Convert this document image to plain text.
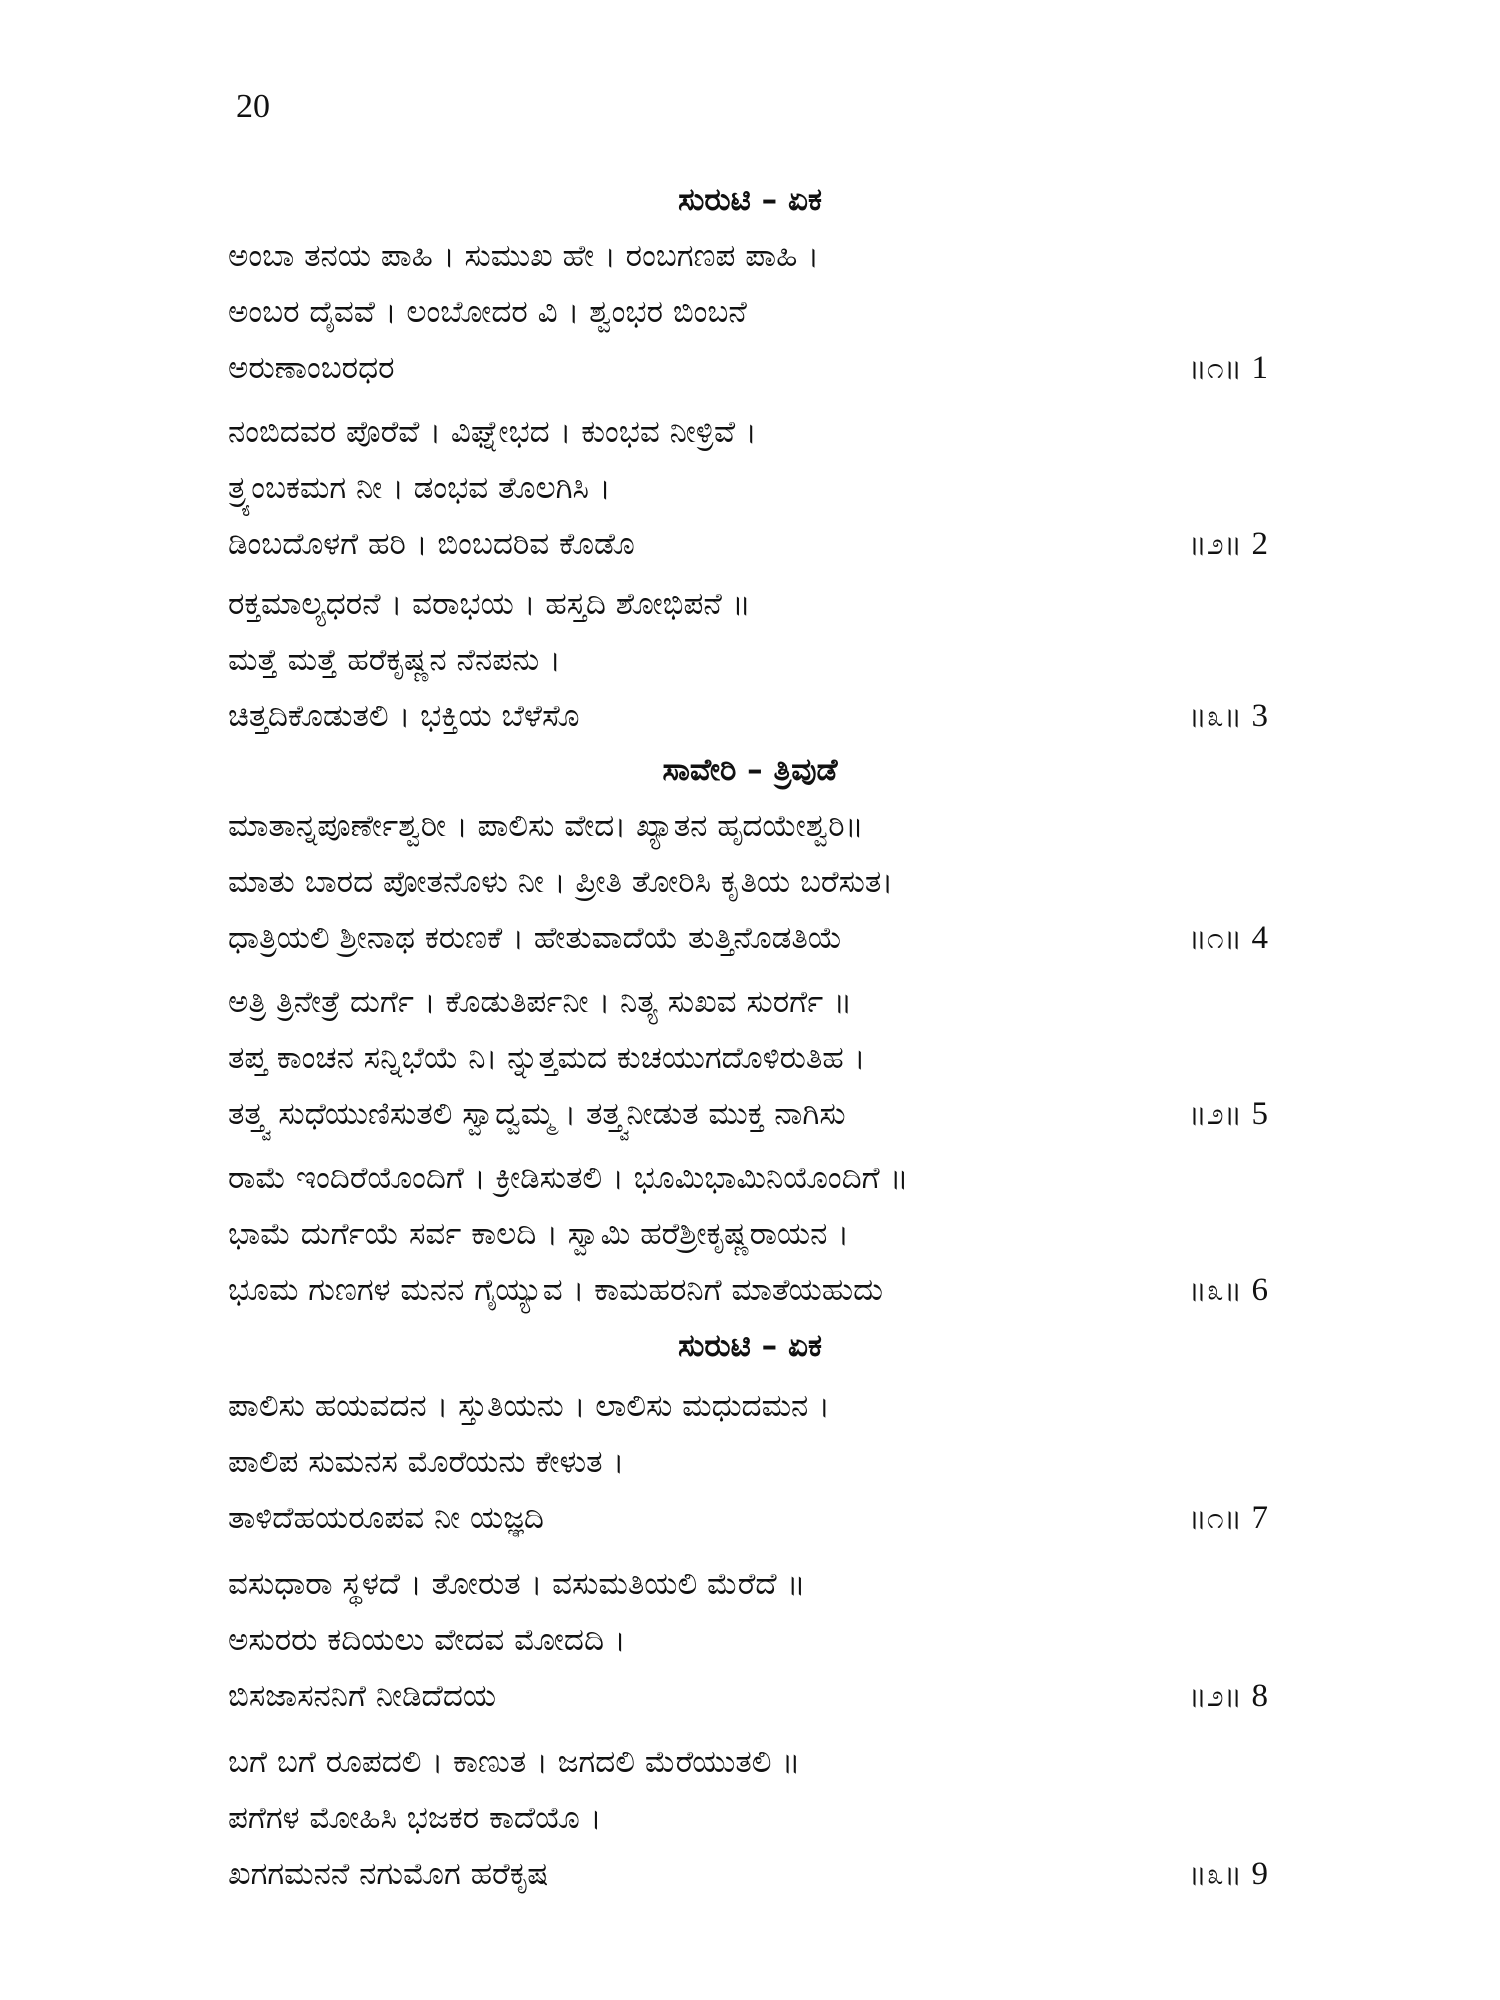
20
ಸುರುಟಿ – ಏಕ
ಅಂಬಾ ತನಯ ಪಾಹಿ । ಸುಮುಖ ಹೇ । ರಂಬಗಣಪ ಪಾಹಿ ।
ಅಂಬರ ದೈವವೆ । ಲಂಬೋದರ ವಿ । ಶ್ವಂಭರ ಬಿಂಬನೆ
ಅರುಣಾಂಬರಧರ	॥೧॥ 1
ನಂಬಿದವರ ಪೊರೆವೆ । ವಿಘ್ನೇಭದ । ಕುಂಭವ ನೀಳ್ರಿವೆ ।
ತ್ರ್ಯಂಬಕಮಗ ನೀ । ಡಂಭವ ತೊಲಗಿಸಿ ।
ಡಿಂಬದೊಳಗೆ ಹರಿ । ಬಿಂಬದರಿವ ಕೊಡೊ	॥೨॥ 2
ರಕ್ತಮಾಲ್ಯಧರನೆ । ವರಾಭಯ । ಹಸ್ತದಿ ಶೋಭಿಪನೆ ॥
ಮತ್ತೆ ಮತ್ತೆ ಹರೆಕೃಷ್ಣನ ನೆನಪನು ।
ಚಿತ್ತದಿಕೊಡುತಲಿ । ಭಕ್ತಿಯ ಬೆಳೆಸೊ	॥೩॥ 3
ಸಾವೇರಿ – ತ್ರಿವುಡೆ
ಮಾತಾನ್ನಪೂರ್ಣೇಶ್ವರೀ । ಪಾಲಿಸು ವೇದ। ಖ್ಯಾತನ ಹೃದಯೇಶ್ವರಿ॥
ಮಾತು ಬಾರದ ಪೋತನೊಳು ನೀ । ಪ್ರೀತಿ ತೋರಿಸಿ ಕೃತಿಯ ಬರೆಸುತ।
ಧಾತ್ರಿಯಲಿ ಶ್ರೀನಾಥ ಕರುಣಕೆ । ಹೇತುವಾದೆಯೆ ತುತ್ತಿನೊಡತಿಯೆ	॥೧॥ 4
ಅತ್ರಿ ತ್ರಿನೇತ್ರೆ ದುರ್ಗೆ । ಕೊಡುತಿರ್ಪನೀ । ನಿತ್ಯ ಸುಖವ ಸುರರ್ಗೆ ॥
ತಪ್ತ ಕಾಂಚನ ಸನ್ನಿಭೆಯೆ ನಿ। ನ್ನುತ್ತಮದ ಕುಚಯುಗದೊಳಿರುತಿಹ ।
ತತ್ತ್ವ ಸುಧೆಯುಣಿಸುತಲಿ ಸ್ವಾದ್ವಮ್ಮ । ತತ್ತ್ವನೀಡುತ ಮುಕ್ತ ನಾಗಿಸು	॥೨॥ 5
ರಾಮೆ ಇಂದಿರೆಯೊಂದಿಗೆ । ಕ್ರೀಡಿಸುತಲಿ । ಭೂಮಿಭಾಮಿನಿಯೊಂದಿಗೆ ॥
ಭಾಮೆ ದುರ್ಗೆಯೆ ಸರ್ವ ಕಾಲದಿ । ಸ್ವಾಮಿ ಹರೆಶ್ರೀಕೃಷ್ಣರಾಯನ ।
ಭೂಮ ಗುಣಗಳ ಮನನ ಗೈಯ್ಯುವ । ಕಾಮಹರನಿಗೆ ಮಾತೆಯಹುದು	॥೩॥ 6
ಸುರುಟಿ – ಏಕ
ಪಾಲಿಸು ಹಯವದನ । ಸ್ತುತಿಯನು । ಲಾಲಿಸು ಮಧುದಮನ ।
ಪಾಲಿಪ ಸುಮನಸ ಮೊರೆಯನು ಕೇಳುತ ।
ತಾಳಿದೆಹಯರೂಪವ ನೀ ಯಜ್ಞದಿ	॥೧॥ 7
ವಸುಧಾರಾ ಸ್ಥಳದೆ । ತೋರುತ । ವಸುಮತಿಯಲಿ ಮೆರೆದೆ ॥
ಅಸುರರು ಕದಿಯಲು ವೇದವ ಮೋದದಿ ।
ಬಿಸಜಾಸನನಿಗೆ ನೀಡಿದೆದಯ	॥೨॥ 8
ಬಗೆ ಬಗೆ ರೂಪದಲಿ । ಕಾಣುತ । ಜಗದಲಿ ಮೆರೆಯುತಲಿ ॥
ಪಗೆಗಳ ಮೋಹಿಸಿ ಭಜಕರ ಕಾದೆಯೊ ।
ಖಗಗಮನನೆ ನಗುಮೊಗ ಹರೆಕೃಷ	॥೩॥ 9
